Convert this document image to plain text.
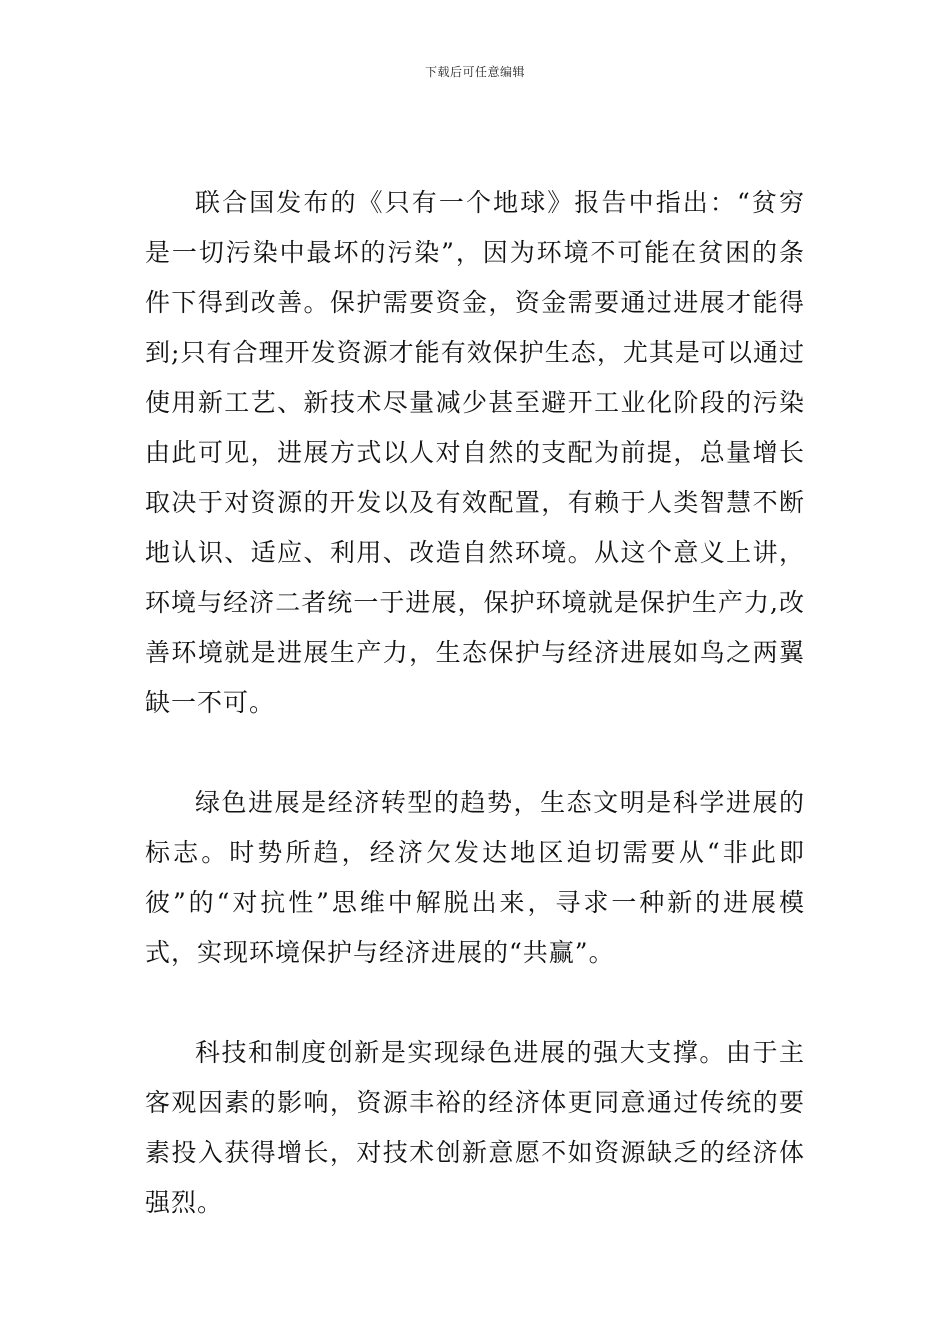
下载后可任意编辑

联合国发布的《只有一个地球》报告中指出：“贫穷是一切污染中最坏的污染”，因为环境不可能在贫困的条件下得到改善。保护需要资金，资金需要通过进展才能得到;只有合理开发资源才能有效保护生态，尤其是可以通过使用新工艺、新技术尽量减少甚至避开工业化阶段的污染由此可见，进展方式以人对自然的支配为前提，总量增长取决于对资源的开发以及有效配置，有赖于人类智慧不断地认识、适应、利用、改造自然环境。从这个意义上讲，环境与经济二者统一于进展，保护环境就是保护生产力,改善环境就是进展生产力，生态保护与经济进展如鸟之两翼缺一不可。

绿色进展是经济转型的趋势，生态文明是科学进展的标志。时势所趋，经济欠发达地区迫切需要从“非此即彼”的“对抗性”思维中解脱出来，寻求一种新的进展模式，实现环境保护与经济进展的“共赢”。

科技和制度创新是实现绿色进展的强大支撑。由于主客观因素的影响，资源丰裕的经济体更同意通过传统的要素投入获得增长，对技术创新意愿不如资源缺乏的经济体强烈。
